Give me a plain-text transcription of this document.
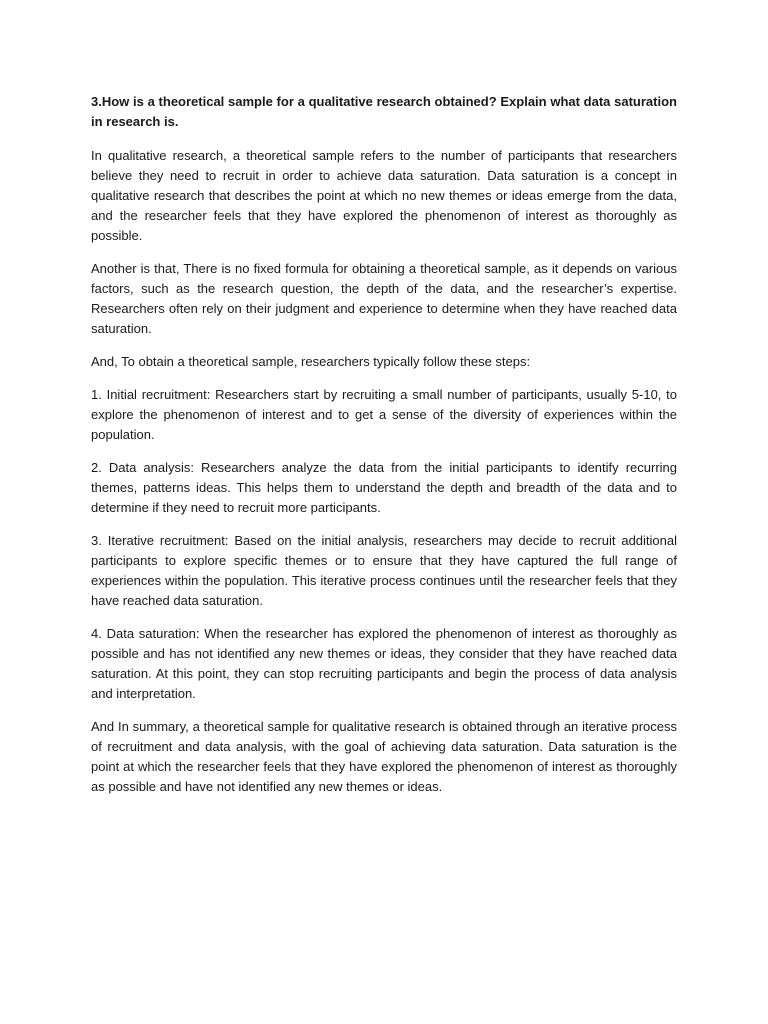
3.How is a theoretical sample for a qualitative research obtained? Explain what data saturation in research is.

In qualitative research, a theoretical sample refers to the number of participants that researchers believe they need to recruit in order to achieve data saturation. Data saturation is a concept in qualitative research that describes the point at which no new themes or ideas emerge from the data, and the researcher feels that they have explored the phenomenon of interest as thoroughly as possible.

Another is that, There is no fixed formula for obtaining a theoretical sample, as it depends on various factors, such as the research question, the depth of the data, and the researcher’s expertise. Researchers often rely on their judgment and experience to determine when they have reached data saturation.

And, To obtain a theoretical sample, researchers typically follow these steps:

1. Initial recruitment: Researchers start by recruiting a small number of participants, usually 5-10, to explore the phenomenon of interest and to get a sense of the diversity of experiences within the population.

2. Data analysis: Researchers analyze the data from the initial participants to identify recurring themes, patterns ideas. This helps them to understand the depth and breadth of the data and to determine if they need to recruit more participants.

3. Iterative recruitment: Based on the initial analysis, researchers may decide to recruit additional participants to explore specific themes or to ensure that they have captured the full range of experiences within the population. This iterative process continues until the researcher feels that they have reached data saturation.

4. Data saturation: When the researcher has explored the phenomenon of interest as thoroughly as possible and has not identified any new themes or ideas, they consider that they have reached data saturation. At this point, they can stop recruiting participants and begin the process of data analysis and interpretation.

And In summary, a theoretical sample for qualitative research is obtained through an iterative process of recruitment and data analysis, with the goal of achieving data saturation. Data saturation is the point at which the researcher feels that they have explored the phenomenon of interest as thoroughly as possible and have not identified any new themes or ideas.
